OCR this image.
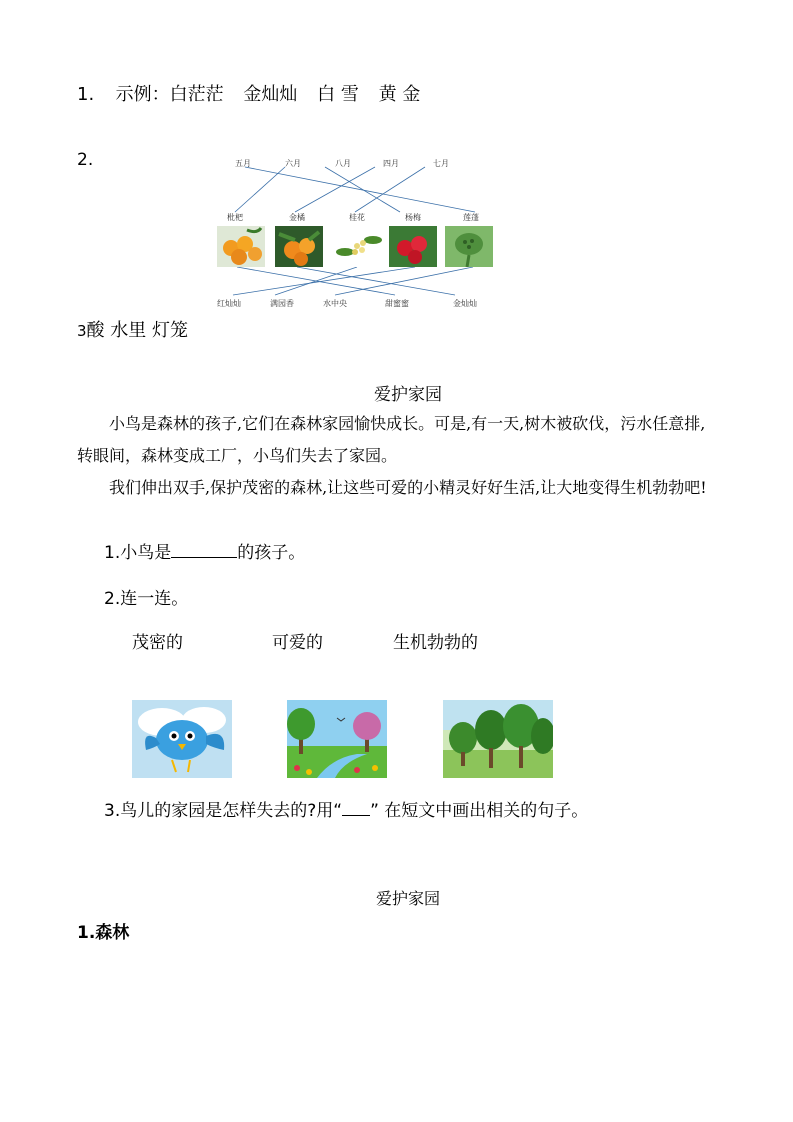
1. 示例：白茫茫 金灿灿 白 雪 黄 金
2.	五月	六月	八月	四月	七月
枇杷	金橘	桂花	杨梅	莲蓬
红灿灿	满园香	水中央	甜蜜蜜	金灿灿
3酸 水里 灯笼
爱护家园
小鸟是森林的孩子,它们在森林家园愉快成长。可是,有一天,树木被砍伐，污水任意排,转眼间，森林变成工厂，小鸟们失去了家园。
我们伸出双手,保护茂密的森林,让这些可爱的小精灵好好生活,让大地变得生机勃勃吧!
1.小鸟是	的孩子。
2.连一连。
茂密的	可爱的	生机勃勃的
3.鸟儿的家园是怎样失去的?用“ ” 在短文中画出相关的句子。
爱护家园
1.森林
